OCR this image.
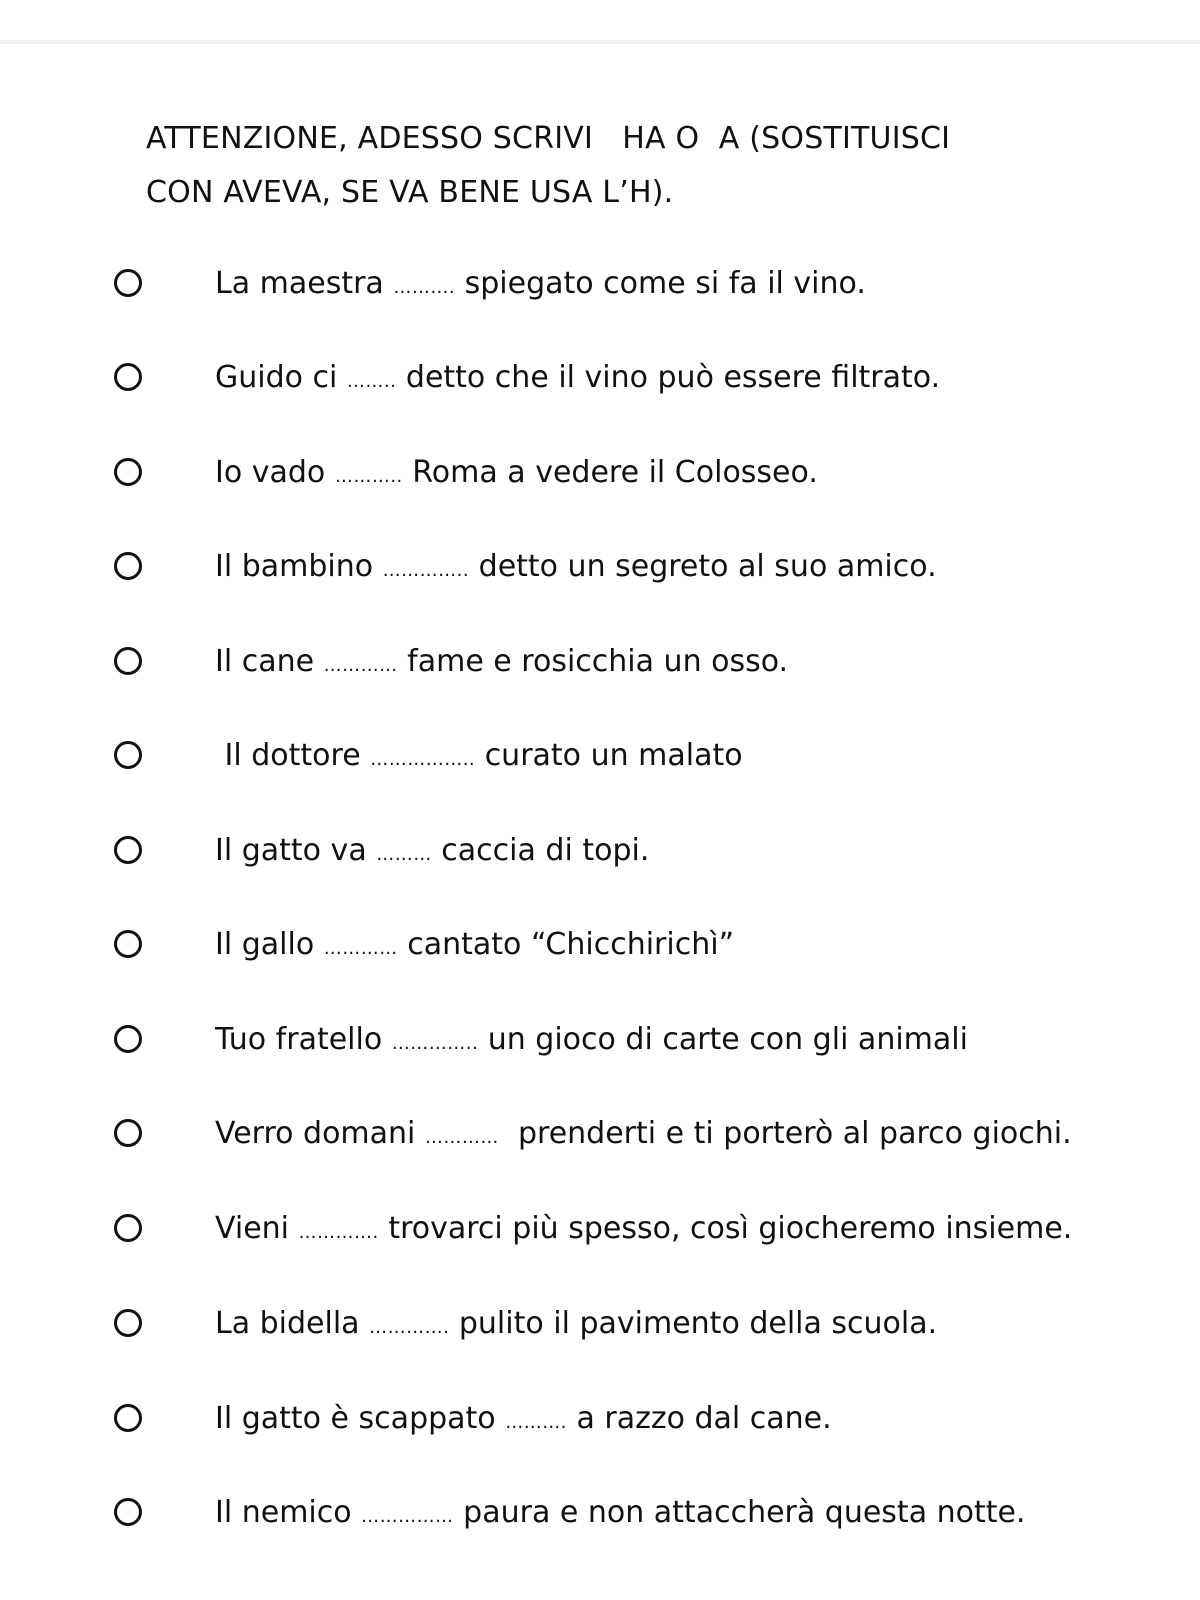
ATTENZIONE, ADESSO SCRIVI   HA O  A (SOSTITUISCI
CON AVEVA, SE VA BENE USA L’H).
La maestra ………. spiegato come si fa il vino.
Guido ci …….. detto che il vino può essere filtrato.
Io vado ……….. Roma a vedere il Colosseo.
Il bambino ………….. detto un segreto al suo amico.
Il cane ………… fame e rosicchia un osso.
Il dottore …………….. curato un malato
Il gatto va ……… caccia di topi.
Il gallo ………… cantato “Chicchirichì”
Tuo fratello ………….. un gioco di carte con gli animali
Verro domani …………  prenderti e ti porterò al parco giochi.
Vieni …………. trovarci più spesso, così giocheremo insieme.
La bidella …………. pulito il pavimento della scuola.
Il gatto è scappato ………. a razzo dal cane.
Il nemico …………… paura e non attaccherà questa notte.
